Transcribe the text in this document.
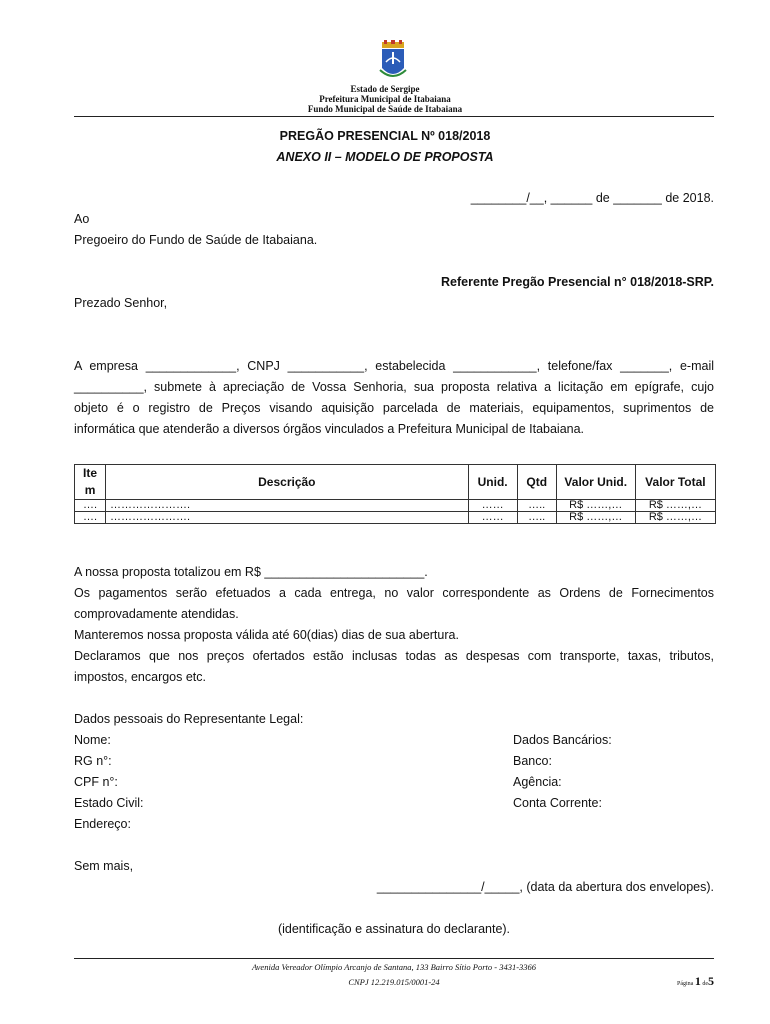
Estado de Sergipe
Prefeitura Municipal de Itabaiana
Fundo Municipal de Saúde de Itabaiana
PREGÃO PRESENCIAL Nº 018/2018
ANEXO II – MODELO DE PROPOSTA
________/__, ______ de _______ de 2018.
Ao
Pregoeiro do Fundo de Saúde de Itabaiana.
Referente Pregão Presencial n° 018/2018-SRP.
Prezado Senhor,
A empresa _____________, CNPJ ___________, estabelecida ____________, telefone/fax _______, e-mail
__________, submete à apreciação de Vossa Senhoria, sua proposta relativa a licitação em epígrafe, cujo
objeto é o registro de Preços visando aquisição parcelada de materiais, equipamentos, suprimentos de
informática que atenderão a diversos órgãos vinculados a Prefeitura Municipal de Itabaiana.
Ite
m	Descrição	Unid.	Qtd	Valor Unid.	Valor Total
….	………………….	……	…..	R$ ……,…	R$ ……,…
….	………………….	……	…..	R$ ……,…	R$ ……,…
A nossa proposta totalizou em R$ _______________________.
Os pagamentos serão efetuados a cada entrega, no valor correspondente as Ordens de Fornecimentos
comprovadamente atendidas.
Manteremos nossa proposta válida até 60(dias) dias de sua abertura.
Declaramos que nos preços ofertados estão inclusas todas as despesas com transporte, taxas, tributos,
impostos, encargos etc.
Dados pessoais do Representante Legal:
Nome:
RG n°:
CPF n°:
Estado Civil:
Endereço:
Dados Bancários:
Banco:
Agência:
Conta Corrente:
Sem mais,
_______________/_____, (data da abertura dos envelopes).
(identificação e assinatura do declarante).
Avenida Vereador Olímpio Arcanjo de Santana, 133 Bairro Sítio Porto - 3431-3366
CNPJ 12.219.015/0001-24	Página 1 de5
